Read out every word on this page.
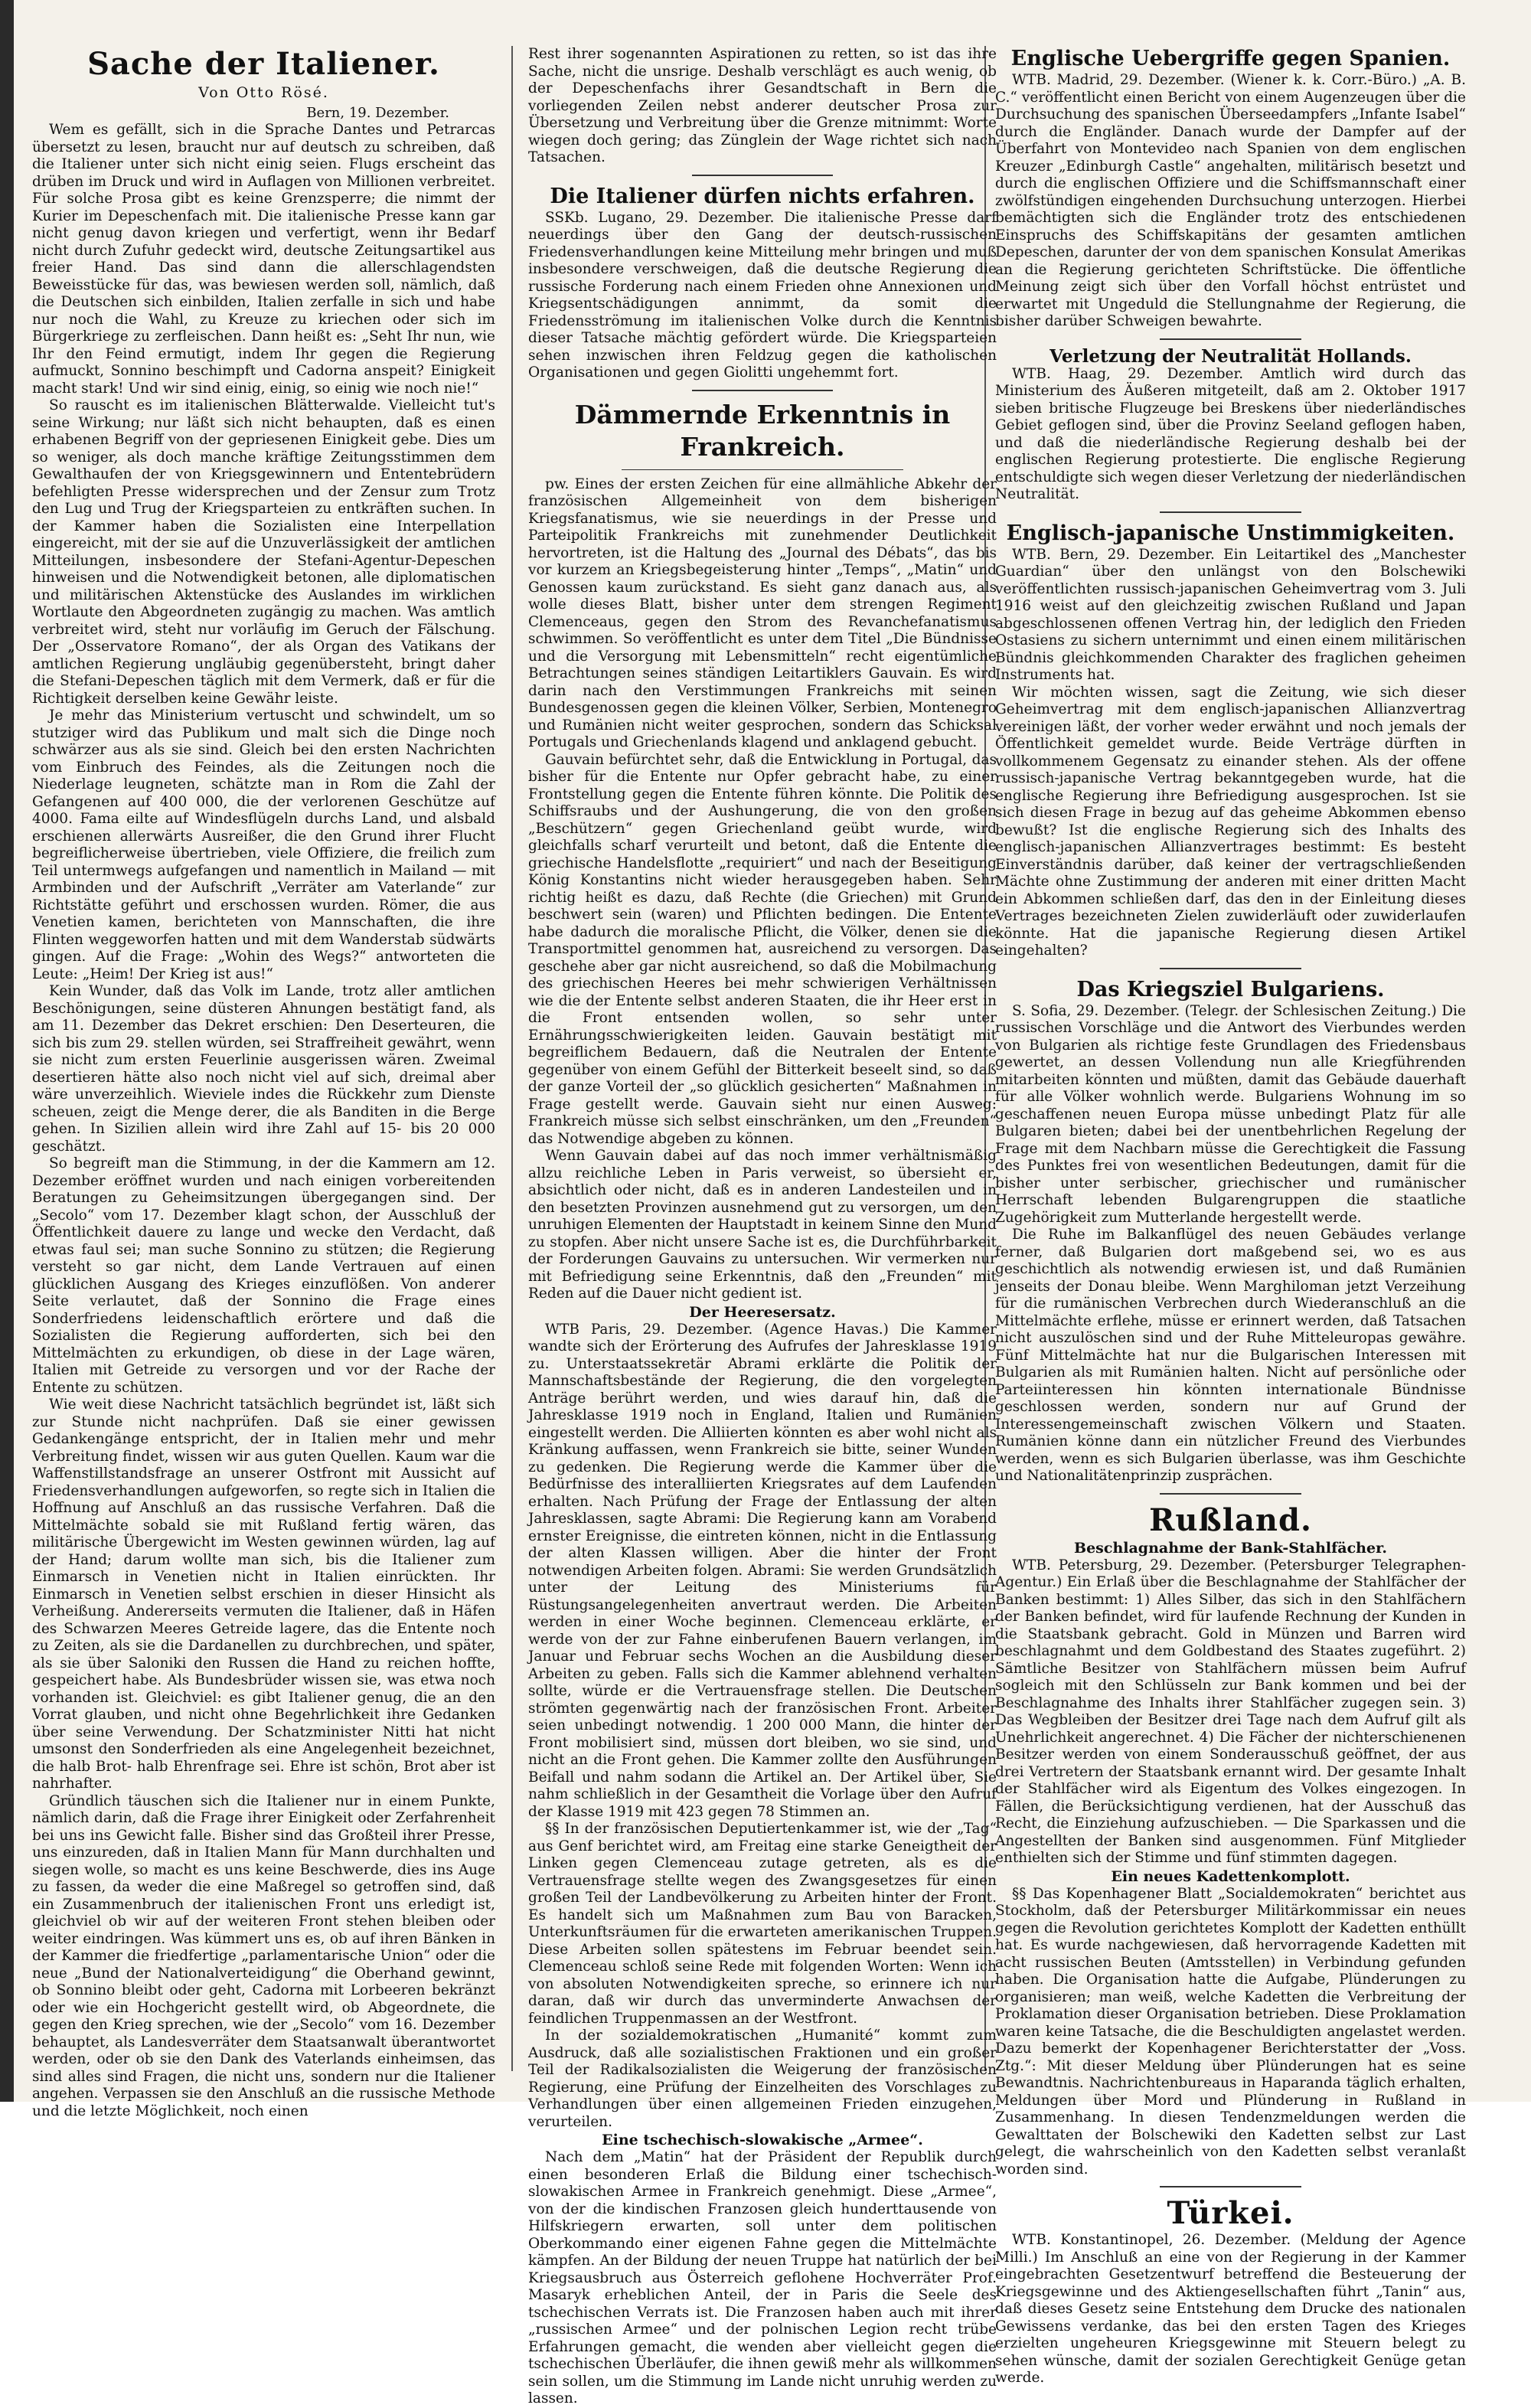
Sache der Italiener.
Von Otto Rösé.
Bern, 19. Dezember.

Wem es gefällt, sich in die Sprache Dantes und Petrarcas übersetzt zu lesen, braucht nur auf deutsch zu schreiben, daß die Italiener unter sich nicht einig seien. Flugs erscheint das drüben im Druck und wird in Auflagen von Millionen verbreitet. Für solche Prosa gibt es keine Grenzsperre; die nimmt der Kurier im Depeschenfach mit. Die italienische Presse kann gar nicht genug davon kriegen und verfertigt, wenn ihr Bedarf nicht durch Zufuhr gedeckt wird, deutsche Zeitungsartikel aus freier Hand. Das sind dann die allerschlagendsten Beweisstücke für das, was bewiesen werden soll, nämlich, daß die Deutschen sich einbilden, Italien zerfalle in sich und habe nur noch die Wahl, zu Kreuze zu kriechen oder sich im Bürgerkriege zu zerfleischen. Dann heißt es: „Seht Ihr nun, wie Ihr den Feind ermutigt, indem Ihr gegen die Regierung aufmuckt, Sonnino beschimpft und Cadorna anspeit? Einigkeit macht stark! Und wir sind einig, einig, so einig wie noch nie!“

So rauscht es im italienischen Blätterwalde. Vielleicht tut's seine Wirkung; nur läßt sich nicht behaupten, daß es einen erhabenen Begriff von der gepriesenen Einigkeit gebe. Dies um so weniger, als doch manche kräftige Zeitungsstimmen dem Gewalthaufen der von Kriegsgewinnern und Ententebrüdern befehligten Presse widersprechen und der Zensur zum Trotz den Lug und Trug der Kriegsparteien zu entkräften suchen. In der Kammer haben die Sozialisten eine Interpellation eingereicht, mit der sie auf die Unzuverlässigkeit der amtlichen Mitteilungen, insbesondere der Stefani-Agentur-Depeschen hinweisen und die Notwendigkeit betonen, alle diplomatischen und militärischen Aktenstücke des Auslandes im wirklichen Wortlaute den Abgeordneten zugängig zu machen. Was amtlich verbreitet wird, steht nur vorläufig im Geruch der Fälschung. Der „Osservatore Romano“, der als Organ des Vatikans der amtlichen Regierung ungläubig gegenübersteht, bringt daher die Stefani-Depeschen täglich mit dem Vermerk, daß er für die Richtigkeit derselben keine Gewähr leiste.

Je mehr das Ministerium vertuscht und schwindelt, um so stutziger wird das Publikum und malt sich die Dinge noch schwärzer aus als sie sind. Gleich bei den ersten Nachrichten vom Einbruch des Feindes, als die Zeitungen noch die Niederlage leugneten, schätzte man in Rom die Zahl der Gefangenen auf 400 000, die der verlorenen Geschütze auf 4000. Fama eilte auf Windesflügeln durchs Land, und alsbald erschienen allerwärts Ausreißer, die den Grund ihrer Flucht begreiflicherweise übertrieben, viele Offiziere, die freilich zum Teil untermwegs aufgefangen und namentlich in Mailand — mit Armbinden und der Aufschrift „Verräter am Vaterlande“ zur Richtstätte geführt und erschossen wurden. Römer, die aus Venetien kamen, berichteten von Mannschaften, die ihre Flinten weggeworfen hatten und mit dem Wanderstab südwärts gingen. Auf die Frage: „Wohin des Wegs?“ antworteten die Leute: „Heim! Der Krieg ist aus!“

Kein Wunder, daß das Volk im Lande, trotz aller amtlichen Beschönigungen, seine düsteren Ahnungen bestätigt fand, als am 11. Dezember das Dekret erschien: Den Deserteuren, die sich bis zum 29. stellen würden, sei Straffreiheit gewährt, wenn sie nicht zum ersten Feuerlinie ausgerissen wären. Zweimal desertieren hätte also noch nicht viel auf sich, dreimal aber wäre unverzeihlich. Wieviele indes die Rückkehr zum Dienste scheuen, zeigt die Menge derer, die als Banditen in die Berge gehen. In Sizilien allein wird ihre Zahl auf 15- bis 20 000 geschätzt.

So begreift man die Stimmung, in der die Kammern am 12. Dezember eröffnet wurden und nach einigen vorbereitenden Beratungen zu Geheimsitzungen übergegangen sind. Der „Secolo“ vom 17. Dezember klagt schon, der Ausschluß der Öffentlichkeit dauere zu lange und wecke den Verdacht, daß etwas faul sei; man suche Sonnino zu stützen; die Regierung versteht so gar nicht, dem Lande Vertrauen auf einen glücklichen Ausgang des Krieges einzuflößen. Von anderer Seite verlautet, daß der Sonnino die Frage eines Sonderfriedens leidenschaftlich erörtere und daß die Sozialisten die Regierung aufforderten, sich bei den Mittelmächten zu erkundigen, ob diese in der Lage wären, Italien mit Getreide zu versorgen und vor der Rache der Entente zu schützen.

Wie weit diese Nachricht tatsächlich begründet ist, läßt sich zur Stunde nicht nachprüfen. Daß sie einer gewissen Gedankengänge entspricht, der in Italien mehr und mehr Verbreitung findet, wissen wir aus guten Quellen. Kaum war die Waffenstillstandsfrage an unserer Ostfront mit Aussicht auf Friedensverhandlungen aufgeworfen, so regte sich in Italien die Hoffnung auf Anschluß an das russische Verfahren. Daß die Mittelmächte sobald sie mit Rußland fertig wären, das militärische Übergewicht im Westen gewinnen würden, lag auf der Hand; darum wollte man sich, bis die Italiener zum Einmarsch in Venetien nicht in Italien einrückten. Ihr Einmarsch in Venetien selbst erschien in dieser Hinsicht als Verheißung. Andererseits vermuten die Italiener, daß in Häfen des Schwarzen Meeres Getreide lagere, das die Entente noch zu Zeiten, als sie die Dardanellen zu durchbrechen, und später, als sie über Saloniki den Russen die Hand zu reichen hoffte, gespeichert habe. Als Bundesbrüder wissen sie, was etwa noch vorhanden ist. Gleichviel: es gibt Italiener genug, die an den Vorrat glauben, und nicht ohne Begehrlichkeit ihre Gedanken über seine Verwendung. Der Schatzminister Nitti hat nicht umsonst den Sonderfrieden als eine Angelegenheit bezeichnet, die halb Brot- halb Ehrenfrage sei. Ehre ist schön, Brot aber ist nahrhafter.

Gründlich täuschen sich die Italiener nur in einem Punkte, nämlich darin, daß die Frage ihrer Einigkeit oder Zerfahrenheit bei uns ins Gewicht falle. Bisher sind das Großteil ihrer Presse, uns einzureden, daß in Italien Mann für Mann durchhalten und siegen wolle, so macht es uns keine Beschwerde, dies ins Auge zu fassen, da weder die eine Maßregel so getroffen sind, daß ein Zusammenbruch der italienischen Front uns erledigt ist, gleichviel ob wir auf der weiteren Front stehen bleiben oder weiter eindringen. Was kümmert uns es, ob auf ihren Bänken in der Kammer die friedfertige „parlamentarische Union“ oder die neue „Bund der Nationalverteidigung“ die Oberhand gewinnt, ob Sonnino bleibt oder geht, Cadorna mit Lorbeeren bekränzt oder wie ein Hochgericht gestellt wird, ob Abgeordnete, die gegen den Krieg sprechen, wie der „Secolo“ vom 16. Dezember behauptet, als Landesverräter dem Staatsanwalt überantwortet werden, oder ob sie den Dank des Vaterlands einheimsen, das sind alles sind Fragen, die nicht uns, sondern nur die Italiener angehen. Verpassen sie den Anschluß an die russische Methode und die letzte Möglichkeit, noch einen

Rest ihrer sogenannten Aspirationen zu retten, so ist das ihre Sache, nicht die unsrige. Deshalb verschlägt es auch wenig, ob der Depeschenfachs ihrer Gesandtschaft in Bern die vorliegenden Zeilen nebst anderer deutscher Prosa zur Übersetzung und Verbreitung über die Grenze mitnimmt: Worte wiegen doch gering; das Zünglein der Wage richtet sich nach Tatsachen.

Die Italiener dürfen nichts erfahren.

SSKb. Lugano, 29. Dezember. Die italienische Presse darf neuerdings über den Gang der deutsch-russischen Friedensverhandlungen keine Mitteilung mehr bringen und muß insbesondere verschweigen, daß die deutsche Regierung die russische Forderung nach einem Frieden ohne Annexionen und Kriegsentschädigungen annimmt, da somit die Friedensströmung im italienischen Volke durch die Kenntnis dieser Tatsache mächtig gefördert würde. Die Kriegsparteien sehen inzwischen ihren Feldzug gegen die katholischen Organisationen und gegen Giolitti ungehemmt fort.

Dämmernde Erkenntnis in Frankreich.

pw. Eines der ersten Zeichen für eine allmähliche Abkehr der französischen Allgemeinheit von dem bisherigen Kriegsfanatismus, wie sie neuerdings in der Presse und Parteipolitik Frankreichs mit zunehmender Deutlichkeit hervortreten, ist die Haltung des „Journal des Débats“, das bis vor kurzem an Kriegsbegeisterung hinter „Temps“, „Matin“ und Genossen kaum zurückstand. Es sieht ganz danach aus, als wolle dieses Blatt, bisher unter dem strengen Regiment Clemenceaus, gegen den Strom des Revanchefanatismus schwimmen. So veröffentlicht es unter dem Titel „Die Bündnisse und die Versorgung mit Lebensmitteln“ recht eigentümliche Betrachtungen seines ständigen Leitartiklers Gauvain. Es wird darin nach den Verstimmungen Frankreichs mit seinen Bundesgenossen gegen die kleinen Völker, Serbien, Montenegro und Rumänien nicht weiter gesprochen, sondern das Schicksal Portugals und Griechenlands klagend und anklagend gebucht.

Gauvain befürchtet sehr, daß die Entwicklung in Portugal, das bisher für die Entente nur Opfer gebracht habe, zu einer Frontstellung gegen die Entente führen könnte. Die Politik des Schiffsraubs und der Aushungerung, die von den großen „Beschützern“ gegen Griechenland geübt wurde, wird gleichfalls scharf verurteilt und betont, daß die Entente die griechische Handelsflotte „requiriert“ und nach der Beseitigung König Konstantins nicht wieder herausgegeben haben. Sehr richtig heißt es dazu, daß Rechte (die Griechen) mit Grund beschwert sein (waren) und Pflichten bedingen. Die Entente habe dadurch die moralische Pflicht, die Völker, denen sie die Transportmittel genommen hat, ausreichend zu versorgen. Das geschehe aber gar nicht ausreichend, so daß die Mobilmachung des griechischen Heeres bei mehr schwierigen Verhältnissen wie die der Entente selbst anderen Staaten, die ihr Heer erst in die Front entsenden wollen, so sehr unter Ernährungsschwierigkeiten leiden. Gauvain bestätigt mit begreiflichem Bedauern, daß die Neutralen der Entente gegenüber von einem Gefühl der Bitterkeit beseelt sind, so daß der ganze Vorteil der „so glücklich gesicherten“ Maßnahmen in Frage gestellt werde. Gauvain sieht nur einen Ausweg: Frankreich müsse sich selbst einschränken, um den „Freunden“ das Notwendige abgeben zu können.

Wenn Gauvain dabei auf das noch immer verhältnismäßig allzu reichliche Leben in Paris verweist, so übersieht er, absichtlich oder nicht, daß es in anderen Landesteilen und in den besetzten Provinzen ausnehmend gut zu versorgen, um den unruhigen Elementen der Hauptstadt in keinem Sinne den Mund zu stopfen. Aber nicht unsere Sache ist es, die Durchführbarkeit der Forderungen Gauvains zu untersuchen. Wir vermerken nur mit Befriedigung seine Erkenntnis, daß den „Freunden“ mit Reden auf die Dauer nicht gedient ist.

Der Heeresersatz.

WTB Paris, 29. Dezember. (Agence Havas.) Die Kammer wandte sich der Erörterung des Aufrufes der Jahresklasse 1919 zu. Unterstaatssekretär Abrami erklärte die Politik der Mannschaftsbestände der Regierung, die den vorgelegten Anträge berührt werden, und wies darauf hin, daß die Jahresklasse 1919 noch in England, Italien und Rumänien eingestellt werden. Die Alliierten könnten es aber wohl nicht als Kränkung auffassen, wenn Frankreich sie bitte, seiner Wunden zu gedenken. Die Regierung werde die Kammer über die Bedürfnisse des interalliierten Kriegsrates auf dem Laufenden erhalten. Nach Prüfung der Frage der Entlassung der alten Jahresklassen, sagte Abrami: Die Regierung kann am Vorabend ernster Ereignisse, die eintreten können, nicht in die Entlassung der alten Klassen willigen. Aber die hinter der Front notwendigen Arbeiten folgen. Abrami: Sie werden Grundsätzlich unter der Leitung des Ministeriums für Rüstungsangelegenheiten anvertraut werden. Die Arbeiten werden in einer Woche beginnen. Clemenceau erklärte, er werde von der zur Fahne einberufenen Bauern verlangen, im Januar und Februar sechs Wochen an die Ausbildung dieser Arbeiten zu geben. Falls sich die Kammer ablehnend verhalten sollte, würde er die Vertrauensfrage stellen. Die Deutschen strömten gegenwärtig nach der französischen Front. Arbeiter seien unbedingt notwendig. 1 200 000 Mann, die hinter der Front mobilisiert sind, müssen dort bleiben, wo sie sind, und nicht an die Front gehen. Die Kammer zollte den Ausführungen Beifall und nahm sodann die Artikel an. Der Artikel über, Sie nahm schließlich in der Gesamtheit die Vorlage über den Aufruf der Klasse 1919 mit 423 gegen 78 Stimmen an.

§§ In der französischen Deputiertenkammer ist, wie der „Tag“ aus Genf berichtet wird, am Freitag eine starke Geneigtheit der Linken gegen Clemenceau zutage getreten, als es die Vertrauensfrage stellte wegen des Zwangsgesetzes für einen großen Teil der Landbevölkerung zu Arbeiten hinter der Front. Es handelt sich um Maßnahmen zum Bau von Baracken, Unterkunftsräumen für die erwarteten amerikanischen Truppen. Diese Arbeiten sollen spätestens im Februar beendet sein. Clemenceau schloß seine Rede mit folgenden Worten: Wenn ich von absoluten Notwendigkeiten spreche, so erinnere ich nur daran, daß wir durch das unverminderte Anwachsen der feindlichen Truppenmassen an der Westfront.

In der sozialdemokratischen „Humanité“ kommt zum Ausdruck, daß alle sozialistischen Fraktionen und ein großer Teil der Radikalsozialisten die Weigerung der französischen Regierung, eine Prüfung der Einzelheiten des Vorschlages zu Verhandlungen über einen allgemeinen Frieden einzugehen, verurteilen.

Eine tschechisch-slowakische „Armee“.

Nach dem „Matin“ hat der Präsident der Republik durch einen besonderen Erlaß die Bildung einer tschechisch-slowakischen Armee in Frankreich genehmigt. Diese „Armee“, von der die kindischen Franzosen gleich hunderttausende von Hilfskriegern erwarten, soll unter dem politischen Oberkommando einer eigenen Fahne gegen die Mittelmächte kämpfen. An der Bildung der neuen Truppe hat natürlich der bei Kriegsausbruch aus Österreich geflohene Hochverräter Prof. Masaryk erheblichen Anteil, der in Paris die Seele des tschechischen Verrats ist. Die Franzosen haben auch mit ihrer „russischen Armee“ und der polnischen Legion recht trübe Erfahrungen gemacht, die wenden aber vielleicht gegen die tschechischen Überläufer, die ihnen gewiß mehr als willkommen sein sollen, um die Stimmung im Lande nicht unruhig werden zu lassen.

Englische Uebergriffe gegen Spanien.

WTB. Madrid, 29. Dezember. (Wiener k. k. Corr.-Büro.) „A. B. C.“ veröffentlicht einen Bericht von einem Augenzeugen über die Durchsuchung des spanischen Überseedampfers „Infante Isabel“ durch die Engländer. Danach wurde der Dampfer auf der Überfahrt von Montevideo nach Spanien von dem englischen Kreuzer „Edinburgh Castle“ angehalten, militärisch besetzt und durch die englischen Offiziere und die Schiffsmannschaft einer zwölfstündigen eingehenden Durchsuchung unterzogen. Hierbei bemächtigten sich die Engländer trotz des entschiedenen Einspruchs des Schiffskapitäns der gesamten amtlichen Depeschen, darunter der von dem spanischen Konsulat Amerikas an die Regierung gerichteten Schriftstücke. Die öffentliche Meinung zeigt sich über den Vorfall höchst entrüstet und erwartet mit Ungeduld die Stellungnahme der Regierung, die bisher darüber Schweigen bewahrte.

Verletzung der Neutralität Hollands.

WTB. Haag, 29. Dezember. Amtlich wird durch das Ministerium des Äußeren mitgeteilt, daß am 2. Oktober 1917 sieben britische Flugzeuge bei Breskens über niederländisches Gebiet geflogen sind, über die Provinz Seeland geflogen haben, und daß die niederländische Regierung deshalb bei der englischen Regierung protestierte. Die englische Regierung entschuldigte sich wegen dieser Verletzung der niederländischen Neutralität.

Englisch-japanische Unstimmigkeiten.

WTB. Bern, 29. Dezember. Ein Leitartikel des „Manchester Guardian“ über den unlängst von den Bolschewiki veröffentlichten russisch-japanischen Geheimvertrag vom 3. Juli 1916 weist auf den gleichzeitig zwischen Rußland und Japan abgeschlossenen offenen Vertrag hin, der lediglich den Frieden Ostasiens zu sichern unternimmt und einen einem militärischen Bündnis gleichkommenden Charakter des fraglichen geheimen Instruments hat.

Wir möchten wissen, sagt die Zeitung, wie sich dieser Geheimvertrag mit dem englisch-japanischen Allianzvertrag vereinigen läßt, der vorher weder erwähnt und noch jemals der Öffentlichkeit gemeldet wurde. Beide Verträge dürften in vollkommenem Gegensatz zu einander stehen. Als der offene russisch-japanische Vertrag bekanntgegeben wurde, hat die englische Regierung ihre Befriedigung ausgesprochen. Ist sie sich diesen Frage in bezug auf das geheime Abkommen ebenso bewußt? Ist die englische Regierung sich des Inhalts des englisch-japanischen Allianzvertrages bestimmt: Es besteht Einverständnis darüber, daß keiner der vertragschließenden Mächte ohne Zustimmung der anderen mit einer dritten Macht ein Abkommen schließen darf, das den in der Einleitung dieses Vertrages bezeichneten Zielen zuwiderläuft oder zuwiderlaufen könnte. Hat die japanische Regierung diesen Artikel eingehalten?

Das Kriegsziel Bulgariens.

S. Sofia, 29. Dezember. (Telegr. der Schlesischen Zeitung.) Die russischen Vorschläge und die Antwort des Vierbundes werden von Bulgarien als richtige feste Grundlagen des Friedensbaus gewertet, an dessen Vollendung nun alle Kriegführenden mitarbeiten könnten und müßten, damit das Gebäude dauerhaft für alle Völker wohnlich werde. Bulgariens Wohnung im so geschaffenen neuen Europa müsse unbedingt Platz für alle Bulgaren bieten; dabei bei der unentbehrlichen Regelung der Frage mit dem Nachbarn müsse die Gerechtigkeit die Fassung des Punktes frei von wesentlichen Bedeutungen, damit für die bisher unter serbischer, griechischer und rumänischer Herrschaft lebenden Bulgarengruppen die staatliche Zugehörigkeit zum Mutterlande hergestellt werde.

Die Ruhe im Balkanflügel des neuen Gebäudes verlange ferner, daß Bulgarien dort maßgebend sei, wo es aus geschichtlich als notwendig erwiesen ist, und daß Rumänien jenseits der Donau bleibe. Wenn Marghiloman jetzt Verzeihung für die rumänischen Verbrechen durch Wiederanschluß an die Mittelmächte erflehe, müsse er erinnert werden, daß Tatsachen nicht auszulöschen sind und der Ruhe Mitteleuropas gewähre. Fünf Mittelmächte hat nur die Bulgarischen Interessen mit Bulgarien als mit Rumänien halten. Nicht auf persönliche oder Parteiinteressen hin könnten internationale Bündnisse geschlossen werden, sondern nur auf Grund der Interessengemeinschaft zwischen Völkern und Staaten. Rumänien könne dann ein nützlicher Freund des Vierbundes werden, wenn es sich Bulgarien überlasse, was ihm Geschichte und Nationalitätenprinzip zusprächen.

Rußland.
Beschlagnahme der Bank-Stahlfächer.

WTB. Petersburg, 29. Dezember. (Petersburger Telegraphen-Agentur.) Ein Erlaß über die Beschlagnahme der Stahlfächer der Banken bestimmt: 1) Alles Silber, das sich in den Stahlfächern der Banken befindet, wird für laufende Rechnung der Kunden in die Staatsbank gebracht. Gold in Münzen und Barren wird beschlagnahmt und dem Goldbestand des Staates zugeführt. 2) Sämtliche Besitzer von Stahlfächern müssen beim Aufruf sogleich mit den Schlüsseln zur Bank kommen und bei der Beschlagnahme des Inhalts ihrer Stahlfächer zugegen sein. 3) Das Wegbleiben der Besitzer drei Tage nach dem Aufruf gilt als Unehrlichkeit angerechnet. 4) Die Fächer der nichterschienenen Besitzer werden von einem Sonderausschuß geöffnet, der aus drei Vertretern der Staatsbank ernannt wird. Der gesamte Inhalt der Stahlfächer wird als Eigentum des Volkes eingezogen. In Fällen, die Berücksichtigung verdienen, hat der Ausschuß das Recht, die Einziehung aufzuschieben. — Die Sparkassen und die Angestellten der Banken sind ausgenommen. Fünf Mitglieder enthielten sich der Stimme und fünf stimmten dagegen.

Ein neues Kadettenkomplott.

§§ Das Kopenhagener Blatt „Socialdemokraten“ berichtet aus Stockholm, daß der Petersburger Militärkommissar ein neues gegen die Revolution gerichtetes Komplott der Kadetten enthüllt hat. Es wurde nachgewiesen, daß hervorragende Kadetten mit acht russischen Beuten (Amtsstellen) in Verbindung gefunden haben. Die Organisation hatte die Aufgabe, Plünderungen zu organisieren; man weiß, welche Kadetten die Verbreitung der Proklamation dieser Organisation betrieben. Diese Proklamation waren keine Tatsache, die die Beschuldigten angelastet werden. Dazu bemerkt der Kopenhagener Berichterstatter der „Voss. Ztg.“: Mit dieser Meldung über Plünderungen hat es seine Bewandtnis. Nachrichtenbureaus in Haparanda täglich erhalten, Meldungen über Mord und Plünderung in Rußland in Zusammenhang. In diesen Tendenzmeldungen werden die Gewalttaten der Bolschewiki den Kadetten selbst zur Last gelegt, die wahrscheinlich von den Kadetten selbst veranlaßt worden sind.

Türkei.

WTB. Konstantinopel, 26. Dezember. (Meldung der Agence Milli.) Im Anschluß an eine von der Regierung in der Kammer eingebrachten Gesetzentwurf betreffend die Besteuerung der Kriegsgewinne und des Aktiengesellschaften führt „Tanin“ aus, daß dieses Gesetz seine Entstehung dem Drucke des nationalen Gewissens verdanke, das bei den ersten Tagen des Krieges erzielten ungeheuren Kriegsgewinne mit Steuern belegt zu sehen wünsche, damit der sozialen Gerechtigkeit Genüge getan werde.
